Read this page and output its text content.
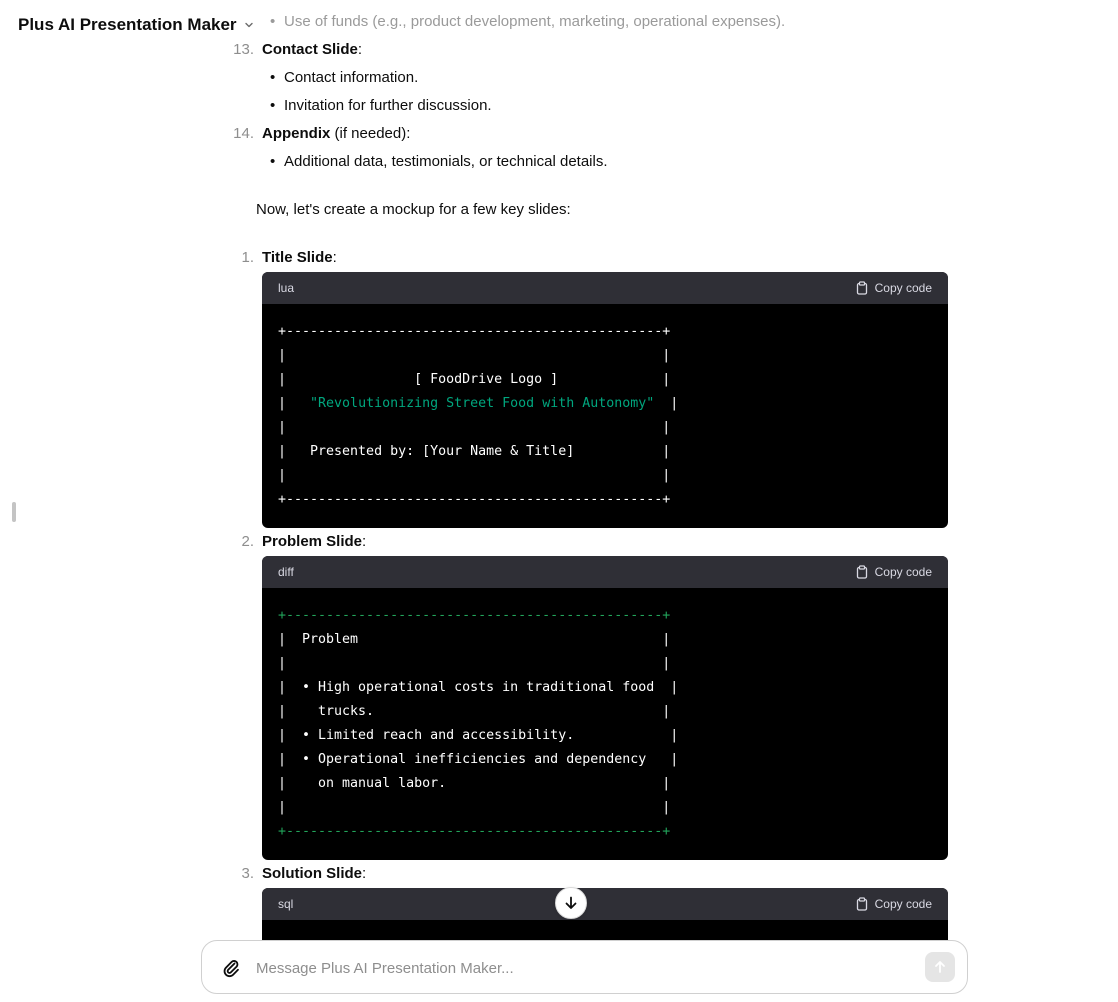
• Use of funds (e.g., product development, marketing, operational expenses).
13. Contact Slide:
• Contact information.
• Invitation for further discussion.
14. Appendix (if needed):
• Additional data, testimonials, or technical details.
Now, let's create a mockup for a few key slides:
1. Title Slide:
lua	Copy code
+-----------------------------------------------+
|                                               |
|                [ FoodDrive Logo ]             |
|   "Revolutionizing Street Food with Autonomy"  |
|                                               |
|   Presented by: [Your Name & Title]           |
|                                               |
+-----------------------------------------------+
2. Problem Slide:
diff	Copy code
+-----------------------------------------------+
|  Problem                                      |
|                                               |
|  • High operational costs in traditional food  |
|    trucks.                                    |
|  • Limited reach and accessibility.            |
|  • Operational inefficiencies and dependency   |
|    on manual labor.                           |
|                                               |
+-----------------------------------------------+
3. Solution Slide:
sql	Copy code
Plus AI Presentation Maker
Message Plus AI Presentation Maker...
